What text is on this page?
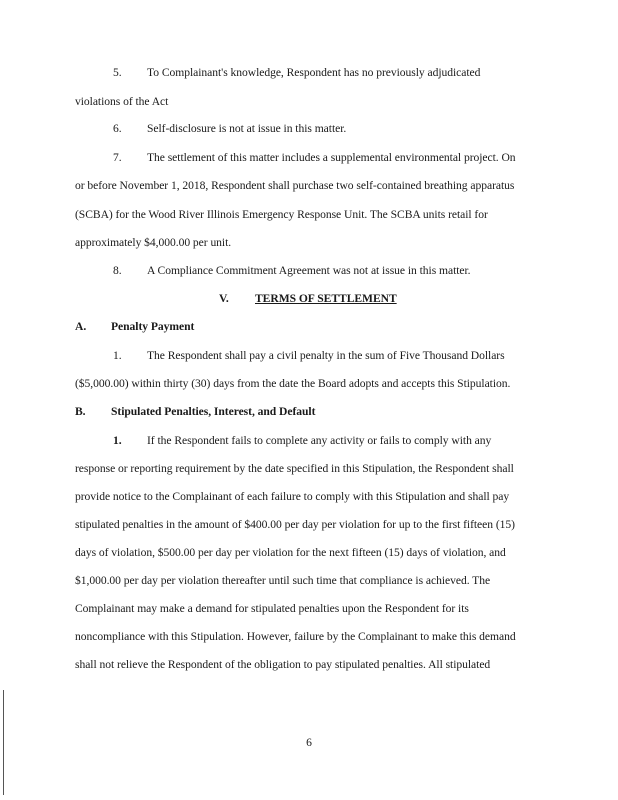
5. To Complainant's knowledge, Respondent has no previously adjudicated
violations of the Act
6. Self-disclosure is not at issue in this matter.
7. The settlement of this matter includes a supplemental environmental project. On
or before November 1, 2018, Respondent shall purchase two self-contained breathing apparatus
(SCBA) for the Wood River Illinois Emergency Response Unit. The SCBA units retail for
approximately $4,000.00 per unit.
8. A Compliance Commitment Agreement was not at issue in this matter.
V. TERMS OF SETTLEMENT
A. Penalty Payment
1. The Respondent shall pay a civil penalty in the sum of Five Thousand Dollars
($5,000.00) within thirty (30) days from the date the Board adopts and accepts this Stipulation.
B. Stipulated Penalties, Interest, and Default
1. If the Respondent fails to complete any activity or fails to comply with any
response or reporting requirement by the date specified in this Stipulation, the Respondent shall
provide notice to the Complainant of each failure to comply with this Stipulation and shall pay
stipulated penalties in the amount of $400.00 per day per violation for up to the first fifteen (15)
days of violation, $500.00 per day per violation for the next fifteen (15) days of violation, and
$1,000.00 per day per violation thereafter until such time that compliance is achieved. The
Complainant may make a demand for stipulated penalties upon the Respondent for its
noncompliance with this Stipulation. However, failure by the Complainant to make this demand
shall not relieve the Respondent of the obligation to pay stipulated penalties. All stipulated
6
